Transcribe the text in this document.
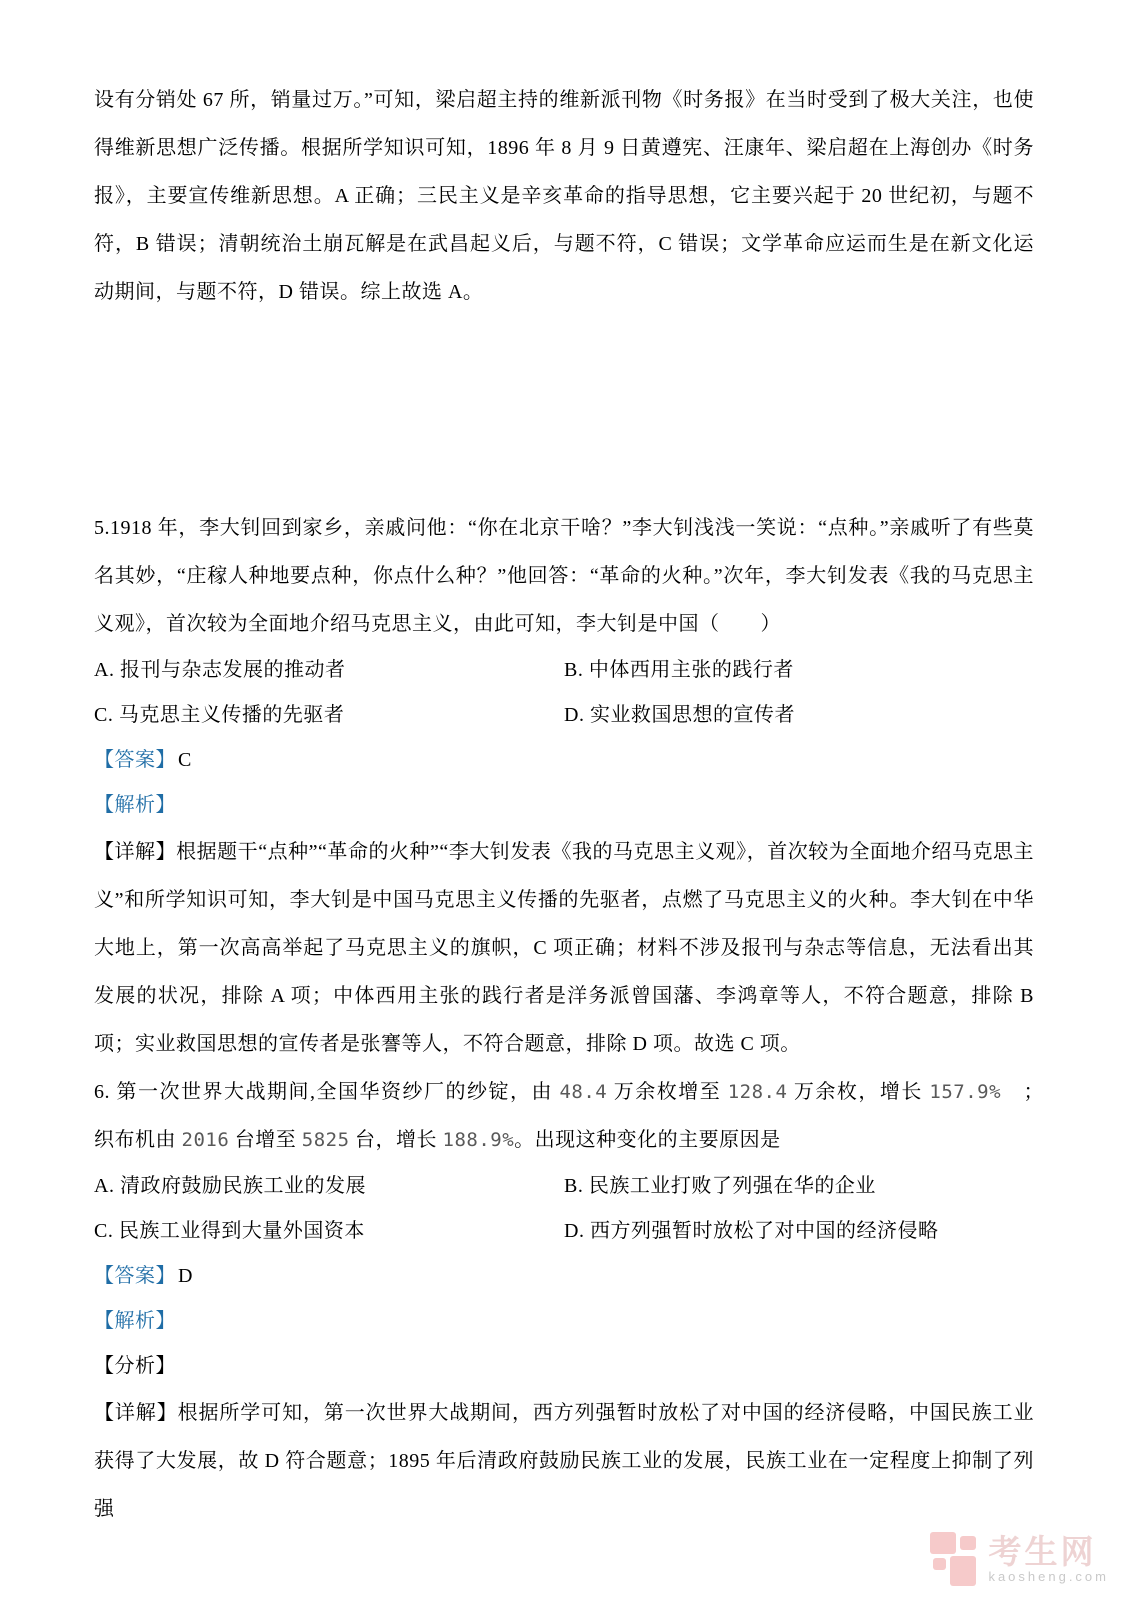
设有分销处 67 所，销量过万。”可知，梁启超主持的维新派刊物《时务报》在当时受到了极大关注，也使得维新思想广泛传播。根据所学知识可知，1896 年 8 月 9 日黄遵宪、汪康年、梁启超在上海创办《时务报》，主要宣传维新思想。A 正确；三民主义是辛亥革命的指导思想，它主要兴起于 20 世纪初，与题不符，B 错误；清朝统治土崩瓦解是在武昌起义后，与题不符，C 错误；文学革命应运而生是在新文化运动期间，与题不符，D 错误。综上故选 A。

5.1918 年，李大钊回到家乡，亲戚问他：“你在北京干啥？”李大钊浅浅一笑说：“点种。”亲戚听了有些莫名其妙，“庄稼人种地要点种，你点什么种？”他回答：“革命的火种。”次年，李大钊发表《我的马克思主义观》，首次较为全面地介绍马克思主义，由此可知，李大钊是中国（　　）

A. 报刊与杂志发展的推动者	B. 中体西用主张的践行者
C. 马克思主义传播的先驱者	D. 实业救国思想的宣传者

【答案】 C

【解析】

【详解】根据题干“点种”“革命的火种”“李大钊发表《我的马克思主义观》，首次较为全面地介绍马克思主义”和所学知识可知，李大钊是中国马克思主义传播的先驱者，点燃了马克思主义的火种。李大钊在中华大地上，第一次高高举起了马克思主义的旗帜，C 项正确；材料不涉及报刊与杂志等信息，无法看出其发展的状况，排除 A 项；中体西用主张的践行者是洋务派曾国藩、李鸿章等人，不符合题意，排除 B 项；实业救国思想的宣传者是张謇等人，不符合题意，排除 D 项。故选 C 项。

6. 第一次世界大战期间,全国华资纱厂的纱锭，由 48.4 万余枚增至 128.4 万余枚，增长 157.9%　；　织布机由 2016 台增至 5825 台，增长 188.9%。出现这种变化的主要原因是

A. 清政府鼓励民族工业的发展	B. 民族工业打败了列强在华的企业
C. 民族工业得到大量外国资本	D. 西方列强暂时放松了对中国的经济侵略

【答案】 D

【解析】

【分析】

【详解】根据所学可知，第一次世界大战期间，西方列强暂时放松了对中国的经济侵略，中国民族工业获得了大发展，故 D 符合题意；1895 年后清政府鼓励民族工业的发展，民族工业在一定程度上抑制了列强

考生网
kaosheng.com
